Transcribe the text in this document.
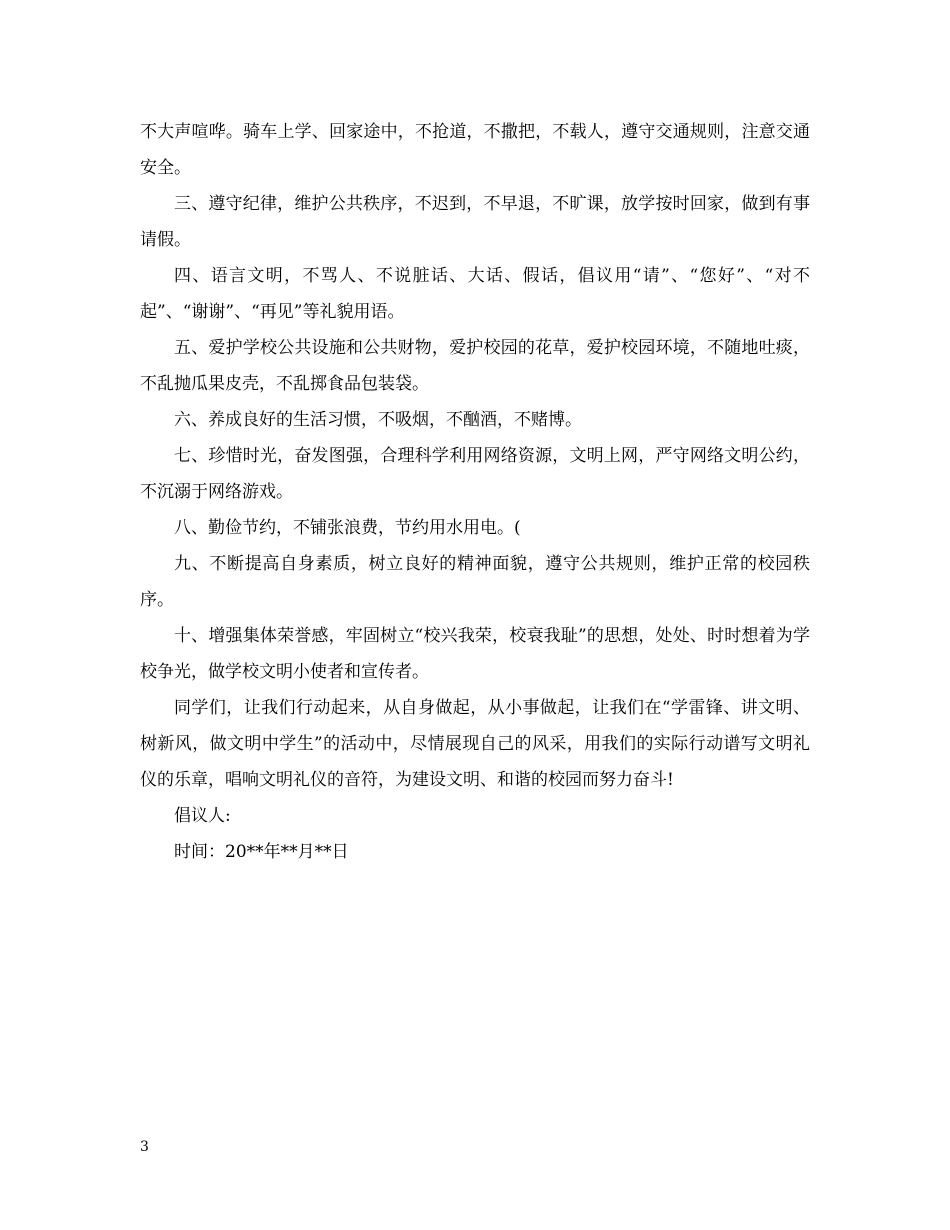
不大声喧哗。骑车上学、回家途中，不抢道，不撒把，不载人，遵守交通规则，注意交通安全。

三、遵守纪律，维护公共秩序，不迟到，不早退，不旷课，放学按时回家，做到有事请假。

四、语言文明，不骂人、不说脏话、大话、假话，倡议用“请”、“您好”、“对不起”、“谢谢”、“再见”等礼貌用语。

五、爱护学校公共设施和公共财物，爱护校园的花草，爱护校园环境，不随地吐痰，不乱抛瓜果皮壳，不乱掷食品包装袋。

六、养成良好的生活习惯，不吸烟，不酗酒，不赌博。

七、珍惜时光，奋发图强，合理科学利用网络资源，文明上网，严守网络文明公约，不沉溺于网络游戏。

八、勤俭节约，不铺张浪费，节约用水用电。(

九、不断提高自身素质，树立良好的精神面貌，遵守公共规则，维护正常的校园秩序。

十、增强集体荣誉感，牢固树立“校兴我荣，校衰我耻”的思想，处处、时时想着为学校争光，做学校文明小使者和宣传者。

同学们，让我们行动起来，从自身做起，从小事做起，让我们在“学雷锋、讲文明、树新风，做文明中学生”的活动中，尽情展现自己的风采，用我们的实际行动谱写文明礼仪的乐章，唱响文明礼仪的音符，为建设文明、和谐的校园而努力奋斗!

倡议人:

时间：20**年**月**日

3
